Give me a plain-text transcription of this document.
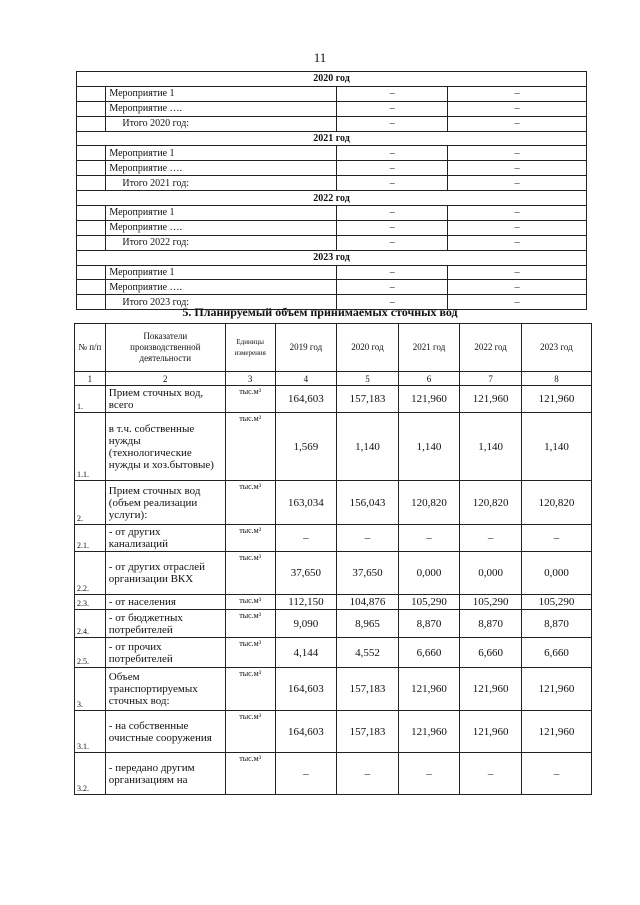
11
2020 год			
	Мероприятие 1	–	–
	Мероприятие ….	–	–
	Итого 2020 год:	–	–
2021 год			
	Мероприятие 1	–	–
	Мероприятие ….	–	–
	Итого 2021 год:	–	–
2022 год			
	Мероприятие 1	–	–
	Мероприятие ….	–	–
	Итого 2022 год:	–	–
2023 год			
	Мероприятие 1	–	–
	Мероприятие ….	–	–
	Итого 2023 год:	–	–
5. Планируемый объем принимаемых сточных вод
№ п/п	Показатели производственной деятельности	Единицы измерения	2019 год	2020 год	2021 год	2022 год	2023 год
1	2	3	4	5	6	7	8
1.	Прием сточных вод, всего	тыс.м³	164,603	157,183	121,960	121,960	121,960
1.1.	в т.ч. собственные нужды (технологические нужды и хоз.бытовые)	тыс.м³	1,569	1,140	1,140	1,140	1,140
2.	Прием сточных вод (объем реализации услуги):	тыс.м³	163,034	156,043	120,820	120,820	120,820
2.1.	- от других канализаций	тыс.м³	–	–	–	–	–
2.2.	- от других отраслей организации ВКХ	тыс.м³	37,650	37,650	0,000	0,000	0,000
2.3.	- от населения	тыс.м³	112,150	104,876	105,290	105,290	105,290
2.4.	- от бюджетных потребителей	тыс.м³	9,090	8,965	8,870	8,870	8,870
2.5.	- от прочих потребителей	тыс.м³	4,144	4,552	6,660	6,660	6,660
3.	Объем транспортируемых сточных вод:	тыс.м³	164,603	157,183	121,960	121,960	121,960
3.1.	- на собственные очистные сооружения	тыс.м³	164,603	157,183	121,960	121,960	121,960
3.2.	- передано другим организациям на	тыс.м³	–	–	–	–	–
